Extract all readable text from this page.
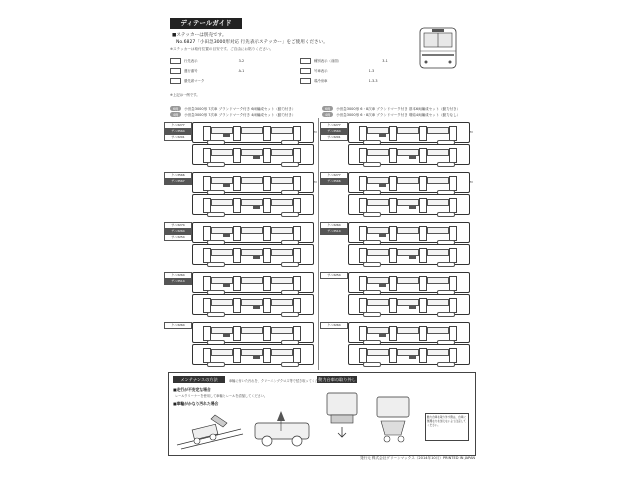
ディテールガイド
■ステッカーは別売です。
No.6827「小田急3000形対応 行先表示ステッカー」をご使用ください。
※ステッカーは取付位置の目安です。ご自由にお貼りください。
行先表示	3-2	種別表示（前面）	3-1
運行番号	A-1	号車表示	1-3
優先席マーク	弱冷房車	1-3-3
※上記は一例です。
6両 小田急3000形 7次車 ブランドマーク付き 6両編成セット（動力付き）
4両 小田急3000形 7次車 ブランドマーク付き 4両編成セット（動力付き）
6両 小田急3000形 6・8次車 ブランドマーク付き 基本6両編成セット（動力付き）
4両 小田急3000形 6・8次車 ブランドマーク付き 増結4両編成セット（動力なし）
クハ3277
デハ3564
サハ3201
M
クハ3566
デハ3567	M
サハ3274
デハ3264
サハ3254
クハ3264
デハ3514
クハ3264
クハ3277
デハ3564
サハ3201
M
クハ3277
デハ3566	M
クハ3264
デハ3514
サハ3254
クハ3264
メンテナンスの方法	動力台車の取り外し
車輪に付いた汚れを、クリーニングクロス等で拭き取ってください。
■走行が不安定な場合
レールクリーナーを使用して車輪とレールを清掃してください。
■車輪がかなり汚れた場合
動力台車を取り外す際は、台車に無理な力を加えないよう注意してください。
発行元 株式会社グリーンマックス（2014年10月）PRINTED IN JAPAN
